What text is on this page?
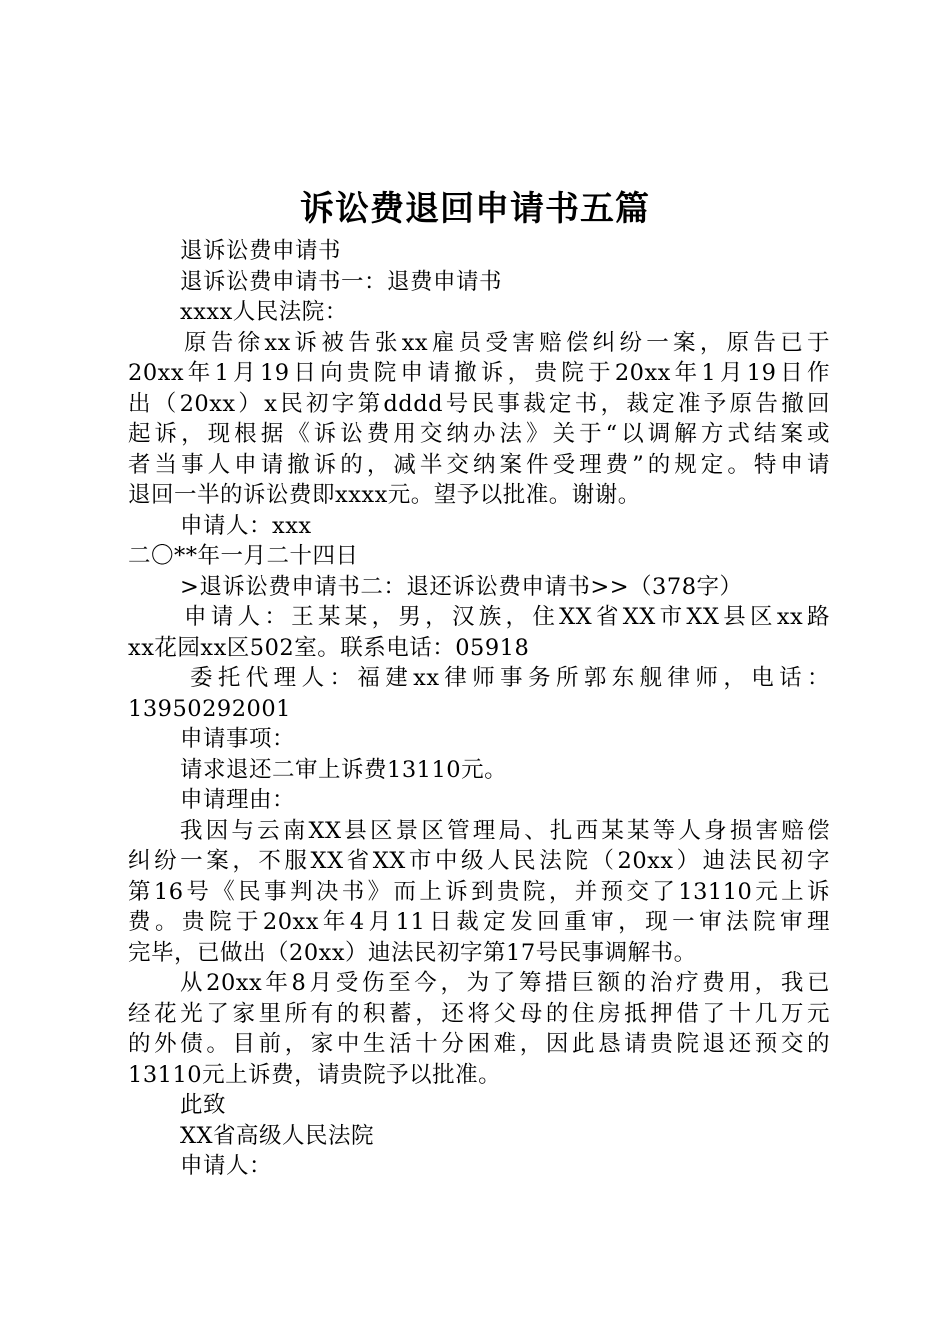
诉讼费退回申请书五篇
退诉讼费申请书
退诉讼费申请书一：退费申请书
xxxx人民法院：
原告徐xx诉被告张xx雇员受害赔偿纠纷一案，原告已于
20xx年1月19日向贵院申请撤诉，贵院于20xx年1月19日作
出（20xx）x民初字第dddd号民事裁定书，裁定准予原告撤回
起诉，现根据《诉讼费用交纳办法》关于“以调解方式结案或
者当事人申请撤诉的，减半交纳案件受理费”的规定。特申请
退回一半的诉讼费即xxxx元。望予以批准。谢谢。
申请人：xxx
二〇**年一月二十四日
>退诉讼费申请书二：退还诉讼费申请书>>（378字）
申请人：王某某，男，汉族，住XX省XX市XX县区xx路
xx花园xx区502室。联系电话：05918
委托代理人：福建xx律师事务所郭东舰律师，电话：
13950292001
申请事项：
请求退还二审上诉费13110元。
申请理由：
我因与云南XX县区景区管理局、扎西某某等人身损害赔偿
纠纷一案，不服XX省XX市中级人民法院（20xx）迪法民初字
第16号《民事判决书》而上诉到贵院，并预交了13110元上诉
费。贵院于20xx年4月11日裁定发回重审，现一审法院审理
完毕，已做出（20xx）迪法民初字第17号民事调解书。
从20xx年8月受伤至今，为了筹措巨额的治疗费用，我已
经花光了家里所有的积蓄，还将父母的住房抵押借了十几万元
的外债。目前，家中生活十分困难，因此恳请贵院退还预交的
13110元上诉费，请贵院予以批准。
此致
XX省高级人民法院
申请人：
